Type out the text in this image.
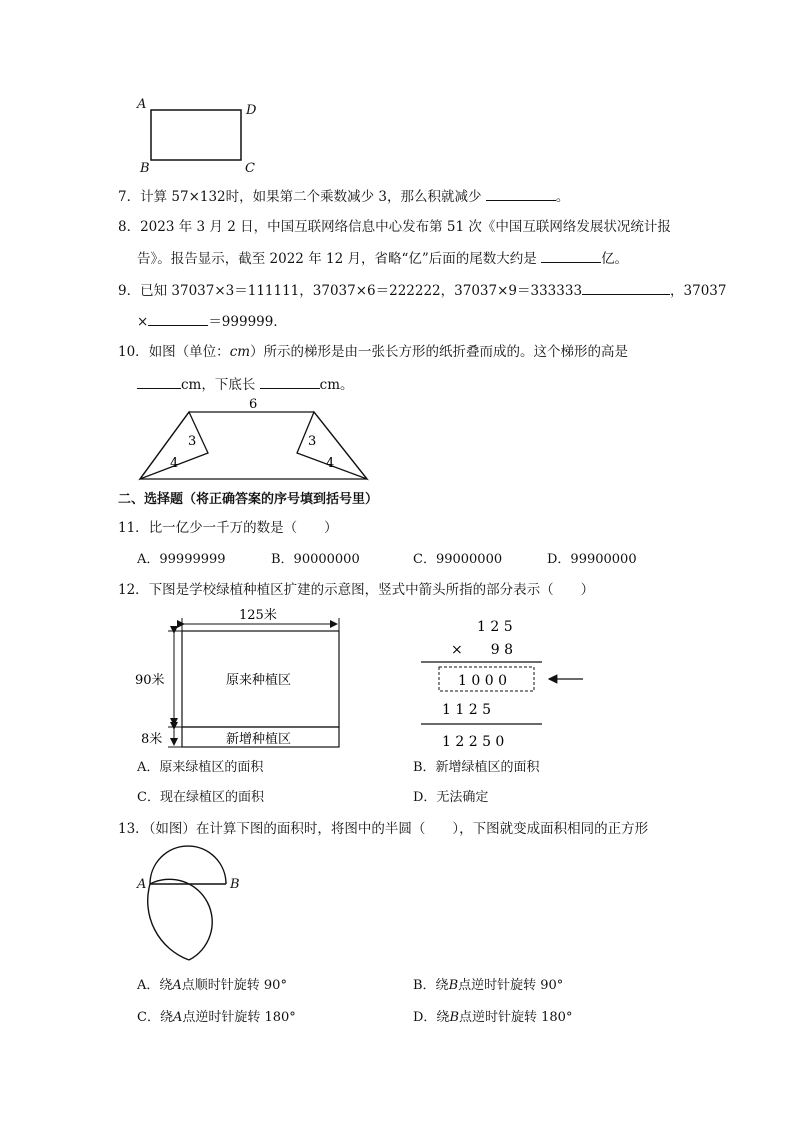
A	D
B	C
7．计算 57×132时，如果第二个乘数减少 3，那么积就减少	。
8．2023 年 3 月 2 日，中国互联网络信息中心发布第 51 次《中国互联网络发展状况统计报
告》。报告显示，截至 2022 年 12 月，省略“亿”后面的尾数大约是	亿。
9．已知 37037×3＝111111，37037×6＝222222，37037×9＝333333	，37037
×	＝999999．
10．如图（单位：cm）所示的梯形是由一张长方形的纸折叠而成的。这个梯形的高是
cm，下底长	cm。
6
3
4
3
4
二、选择题（将正确答案的序号填到括号里）
11．比一亿少一千万的数是（　　）
A．99999999	B．90000000	C．99000000	D．99900000
12．下图是学校绿植种植区扩建的示意图，竖式中箭头所指的部分表示（　　）
125米
90米
8米
原来种植区
新增种植区
1 2 5
×　　9 8
1 0 0 0
1 1 2 5
1 2 2 5 0
A．原来绿植区的面积	B．新增绿植区的面积
C．现在绿植区的面积	D．无法确定
13．（如图）在计算下图的面积时，将图中的半圆（　　），下图就变成面积相同的正方形
A	B
A．绕A点顺时针旋转 90°	B．绕B点逆时针旋转 90°
C．绕A点逆时针旋转 180°	D．绕B点逆时针旋转 180°
